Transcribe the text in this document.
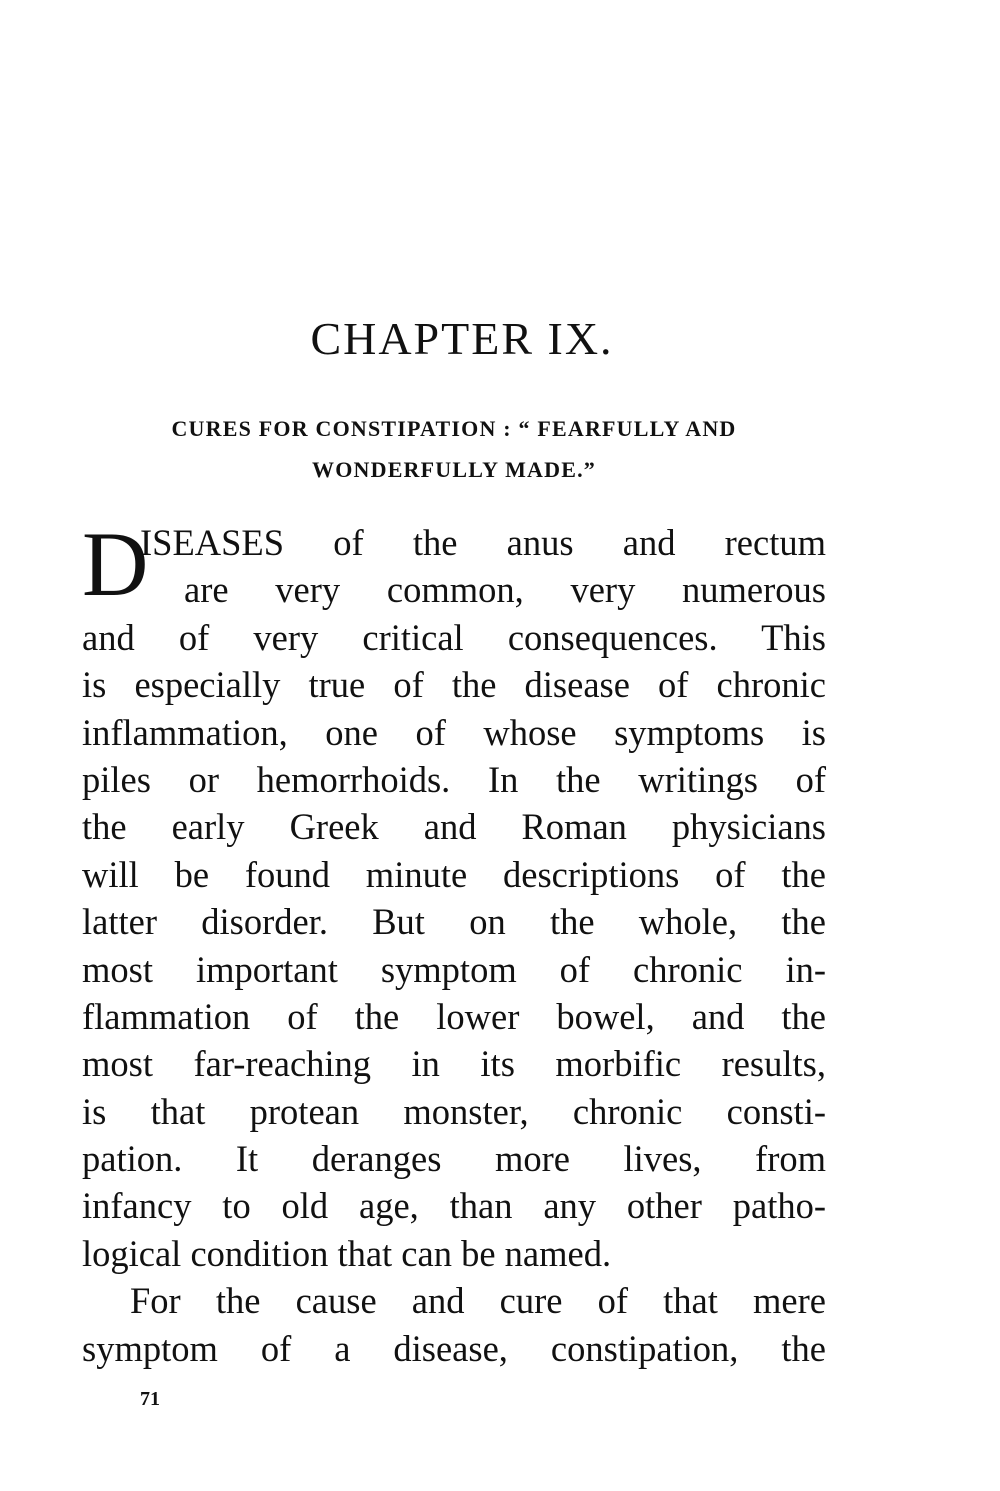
CHAPTER IX.
CURES FOR CONSTIPATION : “ FEARFULLY AND
WONDERFULLY MADE.”
D
ISEASES of the anus and rectum
are very common, very numerous
and of very critical consequences. This
is especially true of the disease of chronic
inflammation, one of whose symptoms is
piles or hemorrhoids. In the writings of
the early Greek and Roman physicians
will be found minute descriptions of the
latter disorder. But on the whole, the
most important symptom of chronic in-
flammation of the lower bowel, and the
most far-reaching in its morbific results,
is that protean monster, chronic consti-
pation. It deranges more lives, from
infancy to old age, than any other patho-
logical condition that can be named.
For the cause and cure of that mere
symptom of a disease, constipation, the
71
